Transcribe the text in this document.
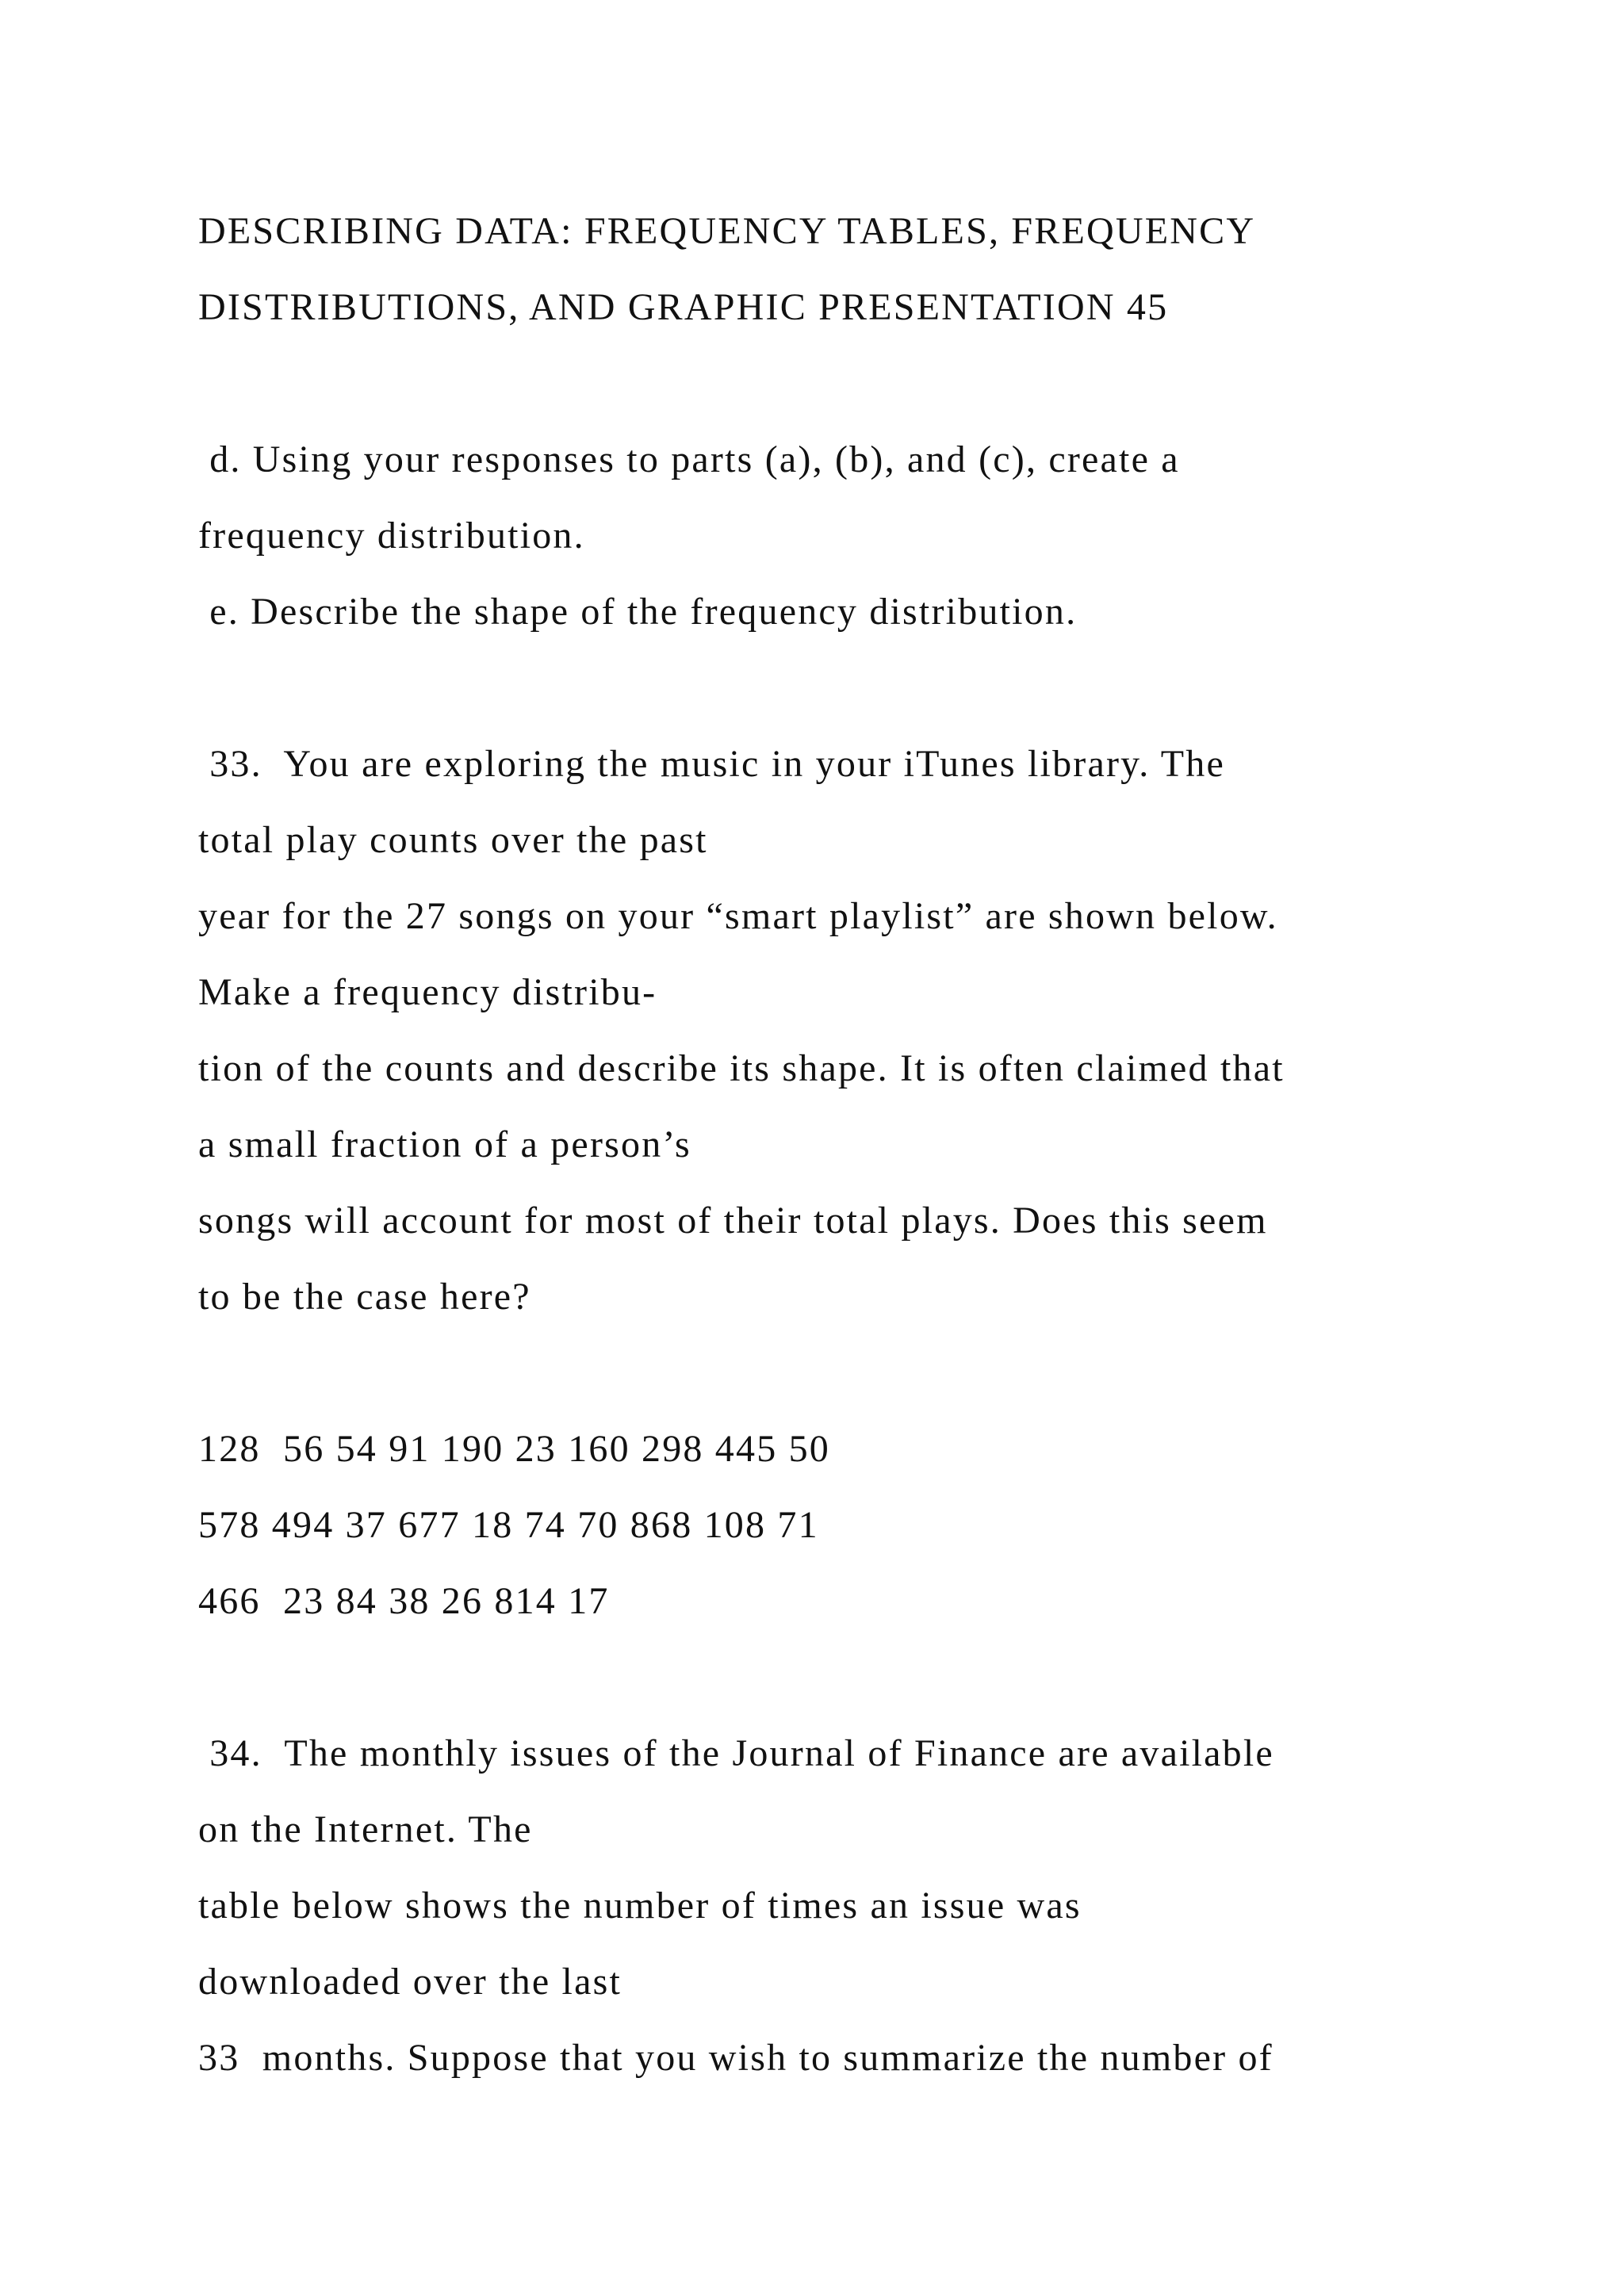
DESCRIBING DATA: FREQUENCY TABLES, FREQUENCY
DISTRIBUTIONS, AND GRAPHIC PRESENTATION 45
d. Using your responses to parts (a), (b), and (c), create a
frequency distribution.
e. Describe the shape of the frequency distribution.
33.  You are exploring the music in your iTunes library. The
total play counts over the past
year for the 27 songs on your “smart playlist” are shown below.
Make a frequency distribu-
tion of the counts and describe its shape. It is often claimed that
a small fraction of a person’s
songs will account for most of their total plays. Does this seem
to be the case here?
128  56 54 91 190 23 160 298 445 50
578 494 37 677 18 74 70 868 108 71
466  23 84 38 26 814 17
34.  The monthly issues of the Journal of Finance are available
on the Internet. The
table below shows the number of times an issue was
downloaded over the last
33  months. Suppose that you wish to summarize the number of
